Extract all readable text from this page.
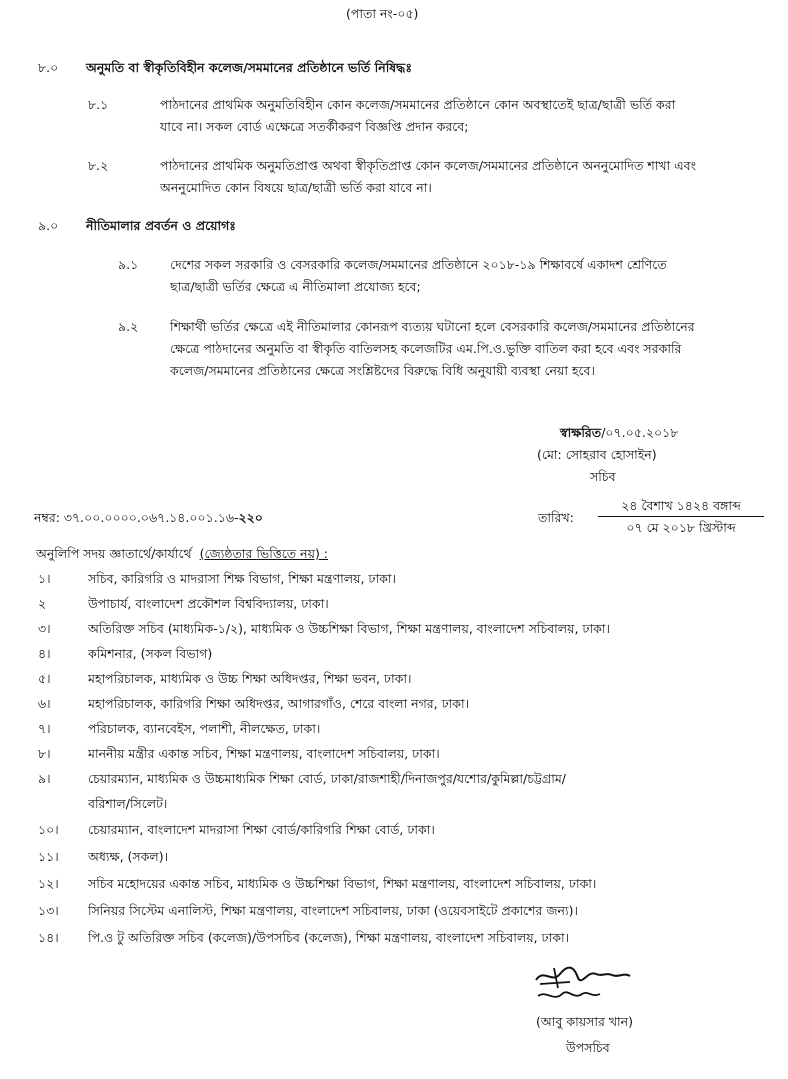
(পাতা নং-০৫)
৮.০ অনুমতি বা স্বীকৃতিবিহীন কলেজ/সমমানের প্রতিষ্ঠানে ভর্তি নিষিদ্ধঃ
৮.১	পাঠদানের প্রাথমিক অনুমতিবিহীন কোন কলেজ/সমমানের প্রতিষ্ঠানে কোন অবস্থাতেই ছাত্র/ছাত্রী ভর্তি করা
যাবে না। সকল বোর্ড এক্ষেত্রে সতর্কীকরণ বিজ্ঞপ্তি প্রদান করবে;
৮.২	পাঠদানের প্রাথমিক অনুমতিপ্রাপ্ত অথবা স্বীকৃতিপ্রাপ্ত কোন কলেজ/সমমানের প্রতিষ্ঠানে অননুমোদিত শাখা এবং
অননুমোদিত কোন বিষয়ে ছাত্র/ছাত্রী ভর্তি করা যাবে না।
৯.০ নীতিমালার প্রবর্তন ও প্রয়োগঃ
৯.১	দেশের সকল সরকারি ও বেসরকারি কলেজ/সমমানের প্রতিষ্ঠানে ২০১৮-১৯ শিক্ষাবর্ষে একাদশ শ্রেণিতে
ছাত্র/ছাত্রী ভর্তির ক্ষেত্রে এ নীতিমালা প্রযোজ্য হবে;
৯.২	শিক্ষার্থী ভর্তির ক্ষেত্রে এই নীতিমালার কোনরূপ ব্যত্যয় ঘটানো হলে বেসরকারি কলেজ/সমমানের প্রতিষ্ঠানের
ক্ষেত্রে পাঠদানের অনুমতি বা স্বীকৃতি বাতিলসহ কলেজটির এম.পি.ও.ভুক্তি বাতিল করা হবে এবং সরকারি
কলেজ/সমমানের প্রতিষ্ঠানের ক্ষেত্রে সংশ্লিষ্টদের বিরুদ্ধে বিধি অনুযায়ী ব্যবস্থা নেয়া হবে।
স্বাক্ষরিত/০৭.০৫.২০১৮
(মো: সোহরাব হোসাইন)
সচিব
নম্বর: ৩৭.০০.০০০০.০৬৭.১৪.০০১.১৬-২২০	তারিখ:
২৪ বৈশাখ ১৪২৪ বঙ্গাব্দ
০৭ মে ২০১৮ খ্রিস্টাব্দ
অনুলিপি সদয় জ্ঞাতার্থে/কার্যার্থে (জ্যেষ্ঠতার ভিত্তিতে নয়) :
১।	সচিব, কারিগরি ও মাদরাসা শিক্ষ বিভাগ, শিক্ষা মন্ত্রণালয়, ঢাকা।
২	উপাচার্য, বাংলাদেশ প্রকৌশল বিশ্ববিদ্যালয়, ঢাকা।
৩।	অতিরিক্ত সচিব (মাধ্যমিক-১/২), মাধ্যমিক ও উচ্চশিক্ষা বিভাগ, শিক্ষা মন্ত্রণালয়, বাংলাদেশ সচিবালয়, ঢাকা।
৪।	কমিশনার, (সকল বিভাগ)
৫।	মহাপরিচালক, মাধ্যমিক ও উচ্চ শিক্ষা অধিদপ্তর, শিক্ষা ভবন, ঢাকা।
৬।	মহাপরিচালক, কারিগরি শিক্ষা অধিদপ্তর, আগারগাঁও, শেরে বাংলা নগর, ঢাকা।
৭।	পরিচালক, ব্যানবেইস, পলাশী, নীলক্ষেত, ঢাকা।
৮।	মাননীয় মন্ত্রীর একান্ত সচিব, শিক্ষা মন্ত্রণালয়, বাংলাদেশ সচিবালয়, ঢাকা।
৯।	চেয়ারম্যান, মাধ্যমিক ও উচ্চমাধ্যমিক শিক্ষা বোর্ড, ঢাকা/রাজশাহী/দিনাজপুর/যশোর/কুমিল্লা/চট্টগ্রাম/
বরিশাল/সিলেট।
১০। চেয়ারম্যান, বাংলাদেশ মাদরাসা শিক্ষা বোর্ড/কারিগরি শিক্ষা বোর্ড, ঢাকা।
১১। অধ্যক্ষ, (সকল)।
১২। সচিব মহোদয়ের একান্ত সচিব, মাধ্যমিক ও উচ্চশিক্ষা বিভাগ, শিক্ষা মন্ত্রণালয়, বাংলাদেশ সচিবালয়, ঢাকা।
১৩। সিনিয়র সিস্টেম এনালিস্ট, শিক্ষা মন্ত্রণালয়, বাংলাদেশ সচিবালয়, ঢাকা (ওয়েবসাইটে প্রকাশের জন্য)।
১৪। পি.ও টু অতিরিক্ত সচিব (কলেজ)/উপসচিব (কলেজ), শিক্ষা মন্ত্রণালয়, বাংলাদেশ সচিবালয়, ঢাকা।
(আবু কায়সার খান)
উপসচিব
